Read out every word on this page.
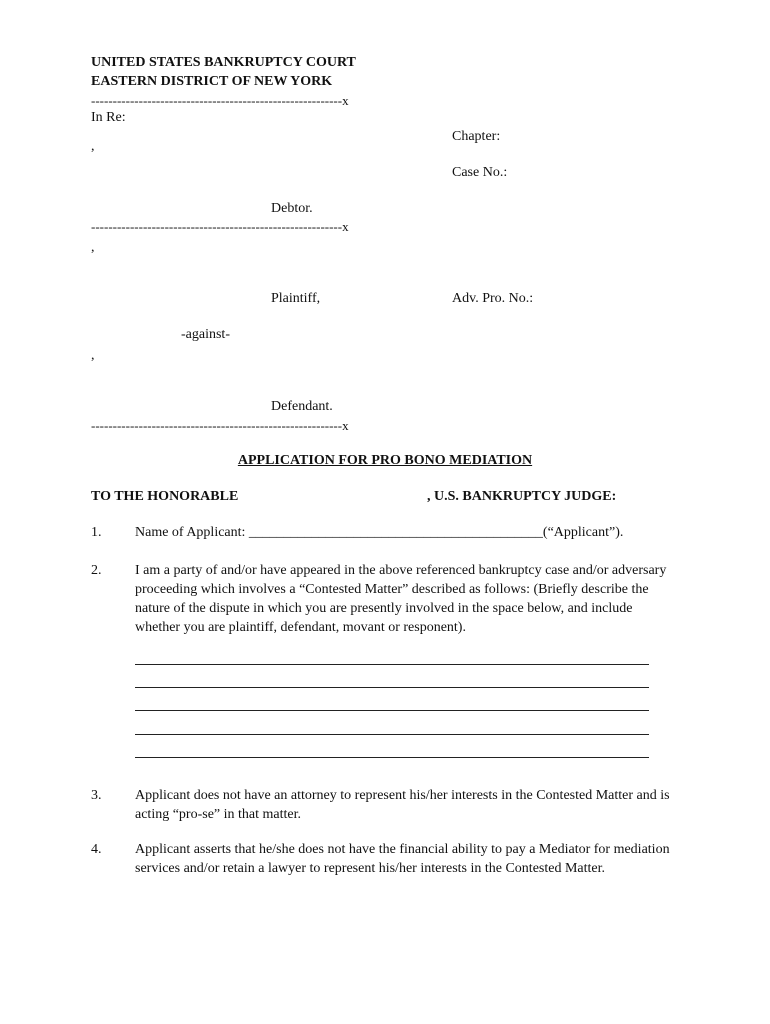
UNITED STATES BANKRUPTCY COURT
EASTERN DISTRICT OF NEW YORK
----------------------------------------------------------x
In Re:
,
Chapter:
Case No.:
Debtor.
----------------------------------------------------------x
,
Plaintiff,	Adv. Pro. No.:
-against-
,
Defendant.
----------------------------------------------------------x
APPLICATION FOR PRO BONO MEDIATION
TO THE HONORABLE	, U.S. BANKRUPTCY JUDGE:
1. Name of Applicant: __________________________________________(“Applicant”).
2. I am a party of and/or have appeared in the above referenced bankruptcy case and/or adversary proceeding which involves a “Contested Matter” described as follows: (Briefly describe the nature of the dispute in which you are presently involved in the space below, and include whether you are plaintiff, defendant, movant or responent).
3. Applicant does not have an attorney to represent his/her interests in the Contested Matter and is acting “pro-se” in that matter.
4. Applicant asserts that he/she does not have the financial ability to pay a Mediator for mediation services and/or retain a lawyer to represent his/her interests in the Contested Matter.
